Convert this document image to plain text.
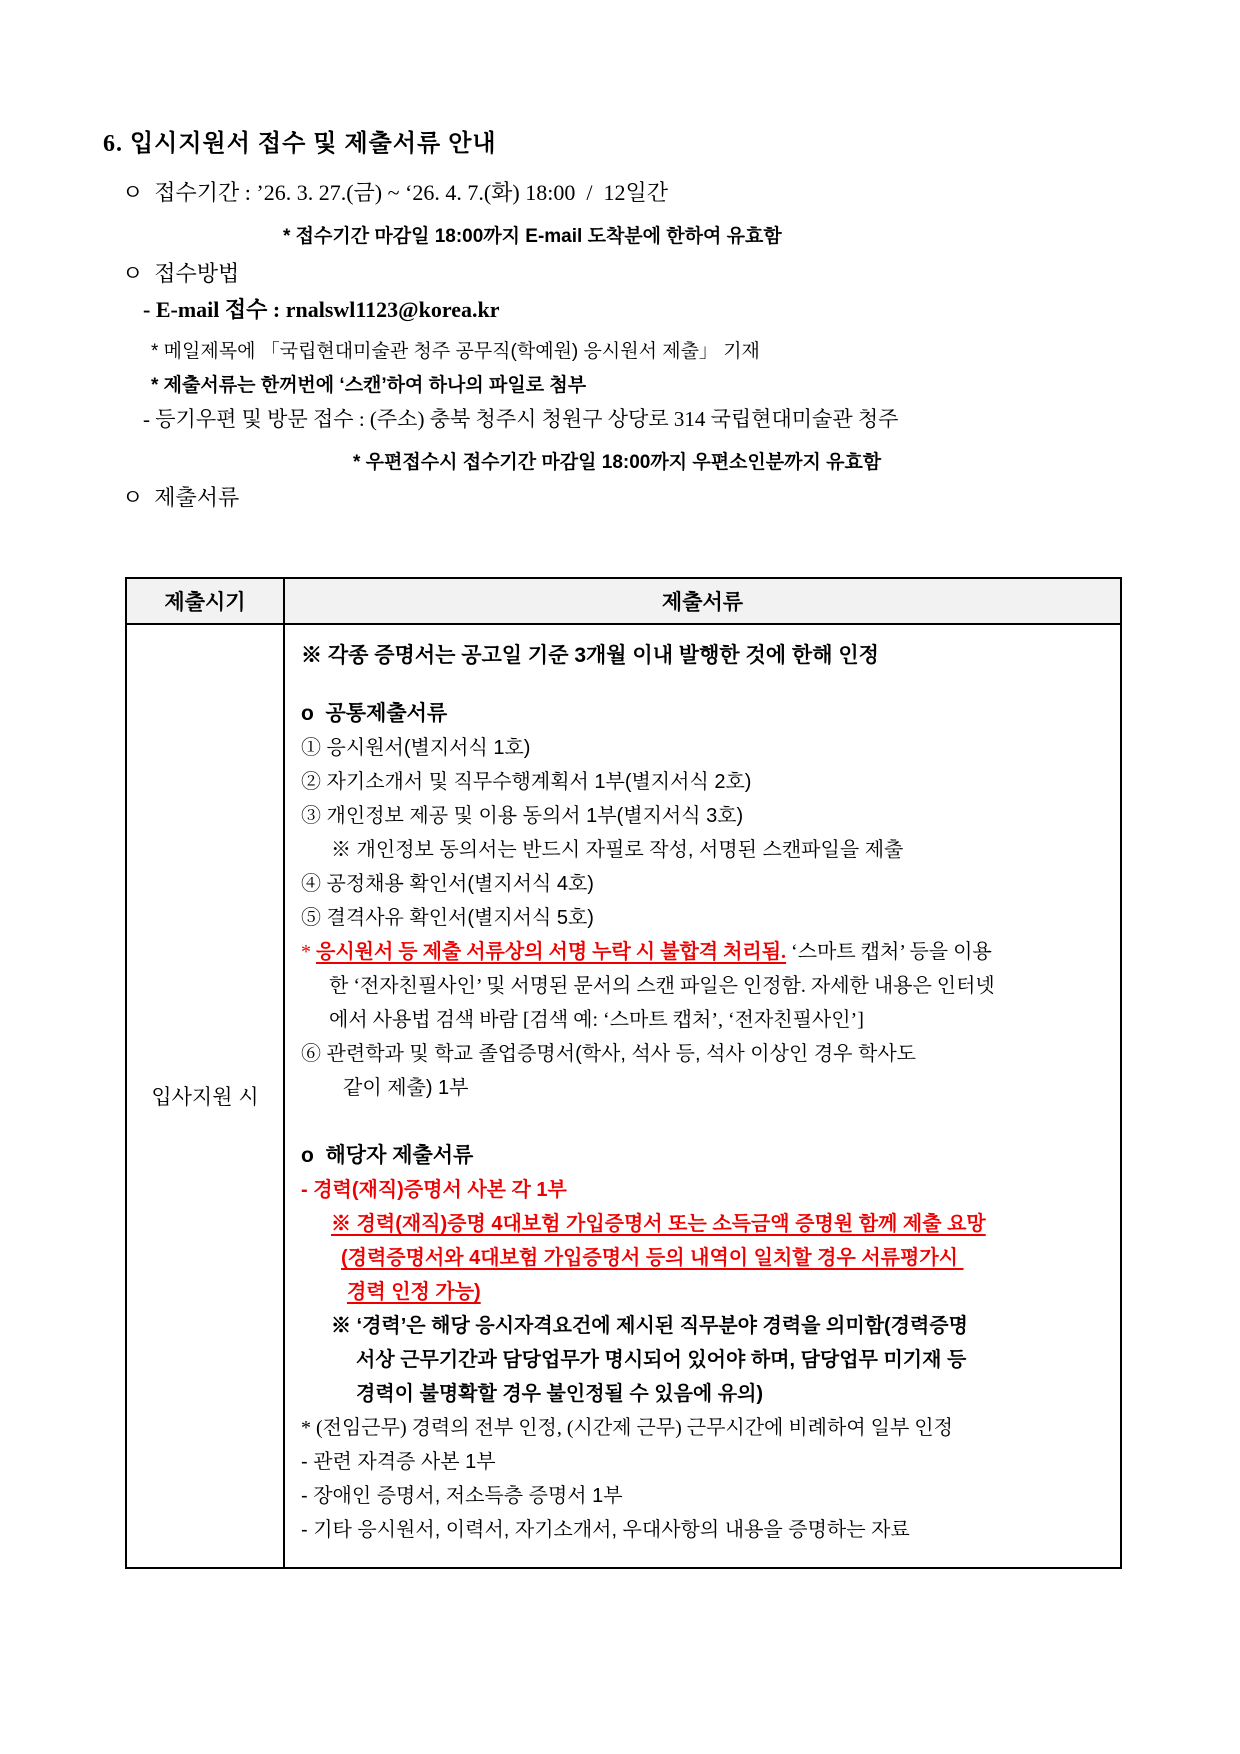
6. 입시지원서 접수 및 제출서류 안내
ㅇ  접수기간 : ’26. 3. 27.(금) ~ ‘26. 4. 7.(화) 18:00  /  12일간
* 접수기간 마감일 18:00까지 E-mail 도착분에 한하여 유효함
ㅇ  접수방법
- E-mail 접수 : rnalswl1123@korea.kr
* 메일제목에 「국립현대미술관 청주 공무직(학예원) 응시원서 제출」 기재
* 제출서류는 한꺼번에 ‘스캔’하여 하나의 파일로 첨부
- 등기우편 및 방문 접수 : (주소) 충북 청주시 청원구 상당로 314 국립현대미술관 청주
* 우편접수시 접수기간 마감일 18:00까지 우편소인분까지 유효함
ㅇ  제출서류
제출시기	제출서류
입사지원 시
※ 각종 증명서는 공고일 기준 3개월 이내 발행한 것에 한해 인정
o  공통제출서류
① 응시원서(별지서식 1호)
② 자기소개서 및 직무수행계획서 1부(별지서식 2호)
③ 개인정보 제공 및 이용 동의서 1부(별지서식 3호)
※ 개인정보 동의서는 반드시 자필로 작성, 서명된 스캔파일을 제출
④ 공정채용 확인서(별지서식 4호)
⑤ 결격사유 확인서(별지서식 5호)
* 응시원서 등 제출 서류상의 서명 누락 시 불합격 처리됨. ‘스마트 캡처’ 등을 이용
한 ‘전자친필사인’ 및 서명된 문서의 스캔 파일은 인정함. 자세한 내용은 인터넷
에서 사용법 검색 바람 [검색 예: ‘스마트 캡처’, ‘전자친필사인’]
⑥ 관련학과 및 학교 졸업증명서(학사, 석사 등, 석사 이상인 경우 학사도
같이 제출) 1부
o  해당자 제출서류
- 경력(재직)증명서 사본 각 1부
※ 경력(재직)증명 4대보험 가입증명서 또는 소득금액 증명원 함께 제출 요망
(경력증명서와 4대보험 가입증명서 등의 내역이 일치할 경우 서류평가시
경력 인정 가능)
※ ‘경력’은 해당 응시자격요건에 제시된 직무분야 경력을 의미함(경력증명
서상 근무기간과 담당업무가 명시되어 있어야 하며, 담당업무 미기재 등
경력이 불명확할 경우 불인정될 수 있음에 유의)
* (전임근무) 경력의 전부 인정, (시간제 근무) 근무시간에 비례하여 일부 인정
- 관련 자격증 사본 1부
- 장애인 증명서, 저소득층 증명서 1부
- 기타 응시원서, 이력서, 자기소개서, 우대사항의 내용을 증명하는 자료
